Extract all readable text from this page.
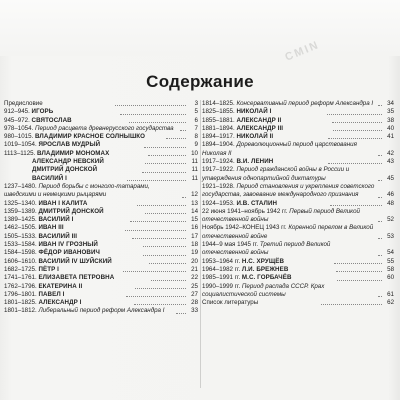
CMIN
Содержание
Предисловие	3
912–945. ИГОРЬ	5
945–972. СВЯТОСЛАВ	6
978–1054. Период расцвета древнерусского государства	7
980–1015. ВЛАДИМИР КРАСНОЕ СОЛНЫШКО	8
1019–1054. ЯРОСЛАВ МУДРЫЙ	9
1113–1125. ВЛАДИМИР МОНОМАХ	10
АЛЕКСАНДР НЕВСКИЙ	11
ДМИТРИЙ ДОНСКОЙ	11
ВАСИЛИЙ I	11
1237–1480. Период борьбы с монголо-татарами, шведскими и немецкими рыцарями	12
1325–1340. ИВАН I КАЛИТА	13
1359–1389. ДМИТРИЙ ДОНСКОЙ	14
1389–1425. ВАСИЛИЙ I	15
1462–1505. ИВАН III	16
1505–1533. ВАСИЛИЙ III	17
1533–1584. ИВАН IV ГРОЗНЫЙ	18
1584–1598. ФЁДОР ИВАНОВИЧ	19
1606–1610. ВАСИЛИЙ IV ШУЙСКИЙ	20
1682–1725. ПЁТР I	21
1741–1761. ЕЛИЗАВЕТА ПЕТРОВНА	22
1762–1796. ЕКАТЕРИНА II	25
1796–1801. ПАВЕЛ I	27
1801–1825. АЛЕКСАНДР I	28
1801–1812. Либеральный период реформ Александра I	33
1814–1825. Консервативный период реформ Александра I	34
1825–1855. НИКОЛАЙ I	35
1855–1881. АЛЕКСАНДР II	38
1881–1894. АЛЕКСАНДР III	40
1894–1917. НИКОЛАЙ II	41
1894–1904. Дореволюционный период царствования Николая II	42
1917–1924. В.И. ЛЕНИН	43
1917–1922. Период гражданской войны в России и утверждения однопартийной диктатуры	45
1921–1928. Период становления и укрепления советского государства, завоевание международного признания	46
1924–1953. И.В. СТАЛИН	48
22 июня 1941–ноябрь 1942 гг. Первый период Великой отечественной войны	52
Ноябрь 1942–КОНЕЦ 1943 гг. Коренной перелом в Великой отечественной войне	53
1944–9 мая 1945 гг. Третий период Великой отечественной войны	54
1953–1964 гг. Н.С. ХРУЩЁВ	55
1964–1982 гг. Л.И. БРЕЖНЕВ	58
1985–1991 гг. М.С. ГОРБАЧЁВ	60
1990–1999 гг. Период распада СССР. Крах социалистической системы	61
Список литературы	62
